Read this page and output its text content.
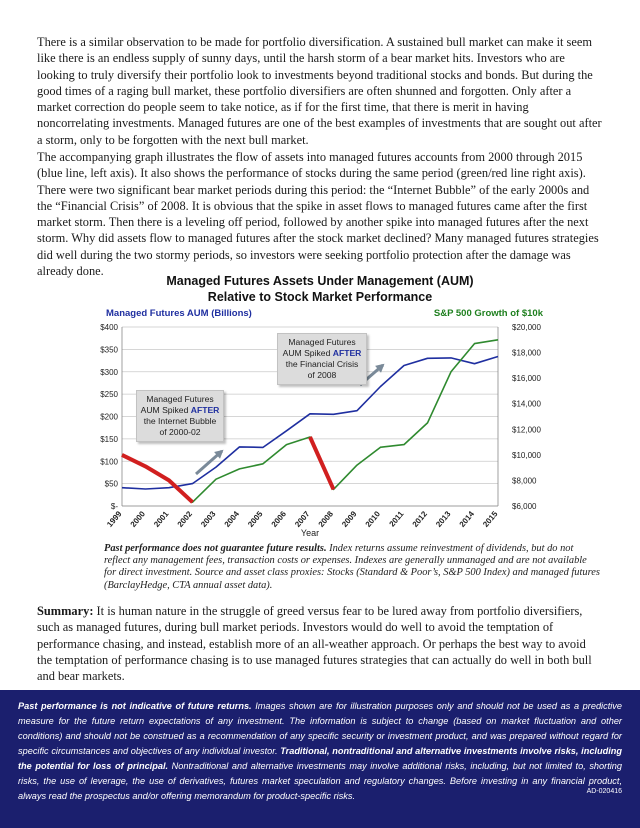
There is a similar observation to be made for portfolio diversification. A sustained bull market can make it seem like there is an endless supply of sunny days, until the harsh storm of a bear market hits. Investors who are looking to truly diversify their portfolio look to investments beyond traditional stocks and bonds. But during the good times of a raging bull market, these portfolio diversifiers are often shunned and forgotten. Only after a market correction do people seem to take notice, as if for the first time, that there is merit in having noncorrelating investments. Managed futures are one of the best examples of investments that are sought out after a storm, only to be forgotten with the next bull market.

The accompanying graph illustrates the flow of assets into managed futures accounts from 2000 through 2015 (blue line, left axis). It also shows the performance of stocks during the same period (green/red line right axis). There were two significant bear market periods during this period: the “Internet Bubble” of the early 2000s and the “Financial Crisis” of 2008. It is obvious that the spike in asset flows to managed futures came after the first market storm. Then there is a leveling off period, followed by another spike into managed futures after the next storm. Why did assets flow to managed futures after the stock market declined? Many managed futures strategies did well during the two stormy periods, so investors were seeking portfolio protection after the damage was already done.

Managed Futures Assets Under Management (AUM)
Relative to Stock Market Performance
Managed Futures AUM (Billions)	S&P 500 Growth of $10k
$-
$50
$100
$150
$200
$250
$300
$350
$400
$6,000
$8,000
$10,000
$12,000
$14,000
$16,000
$18,000
$20,000
1999 2000 2001 2002 2003 2004 2005 2006 2007 2008 2009 2010 2011 2012 2013 2014 2015
Year
Managed Futures
AUM Spiked AFTER
the Internet Bubble
of 2000-02
Managed Futures
AUM Spiked AFTER
the Financial Crisis
of 2008

Past performance does not guarantee future results. Index returns assume reinvestment of dividends, but do not reflect any management fees, transaction costs or expenses. Indexes are generally unmanaged and are not available for direct investment. Source and asset class proxies: Stocks (Standard & Poor’s, S&P 500 Index) and managed futures (BarclayHedge, CTA annual asset data).

Summary: It is human nature in the struggle of greed versus fear to be lured away from portfolio diversifiers, such as managed futures, during bull market periods. Investors would do well to avoid the temptation of performance chasing, and instead, establish more of an all-weather approach. Or perhaps the best way to avoid the temptation of performance chasing is to use managed futures strategies that can actually do well in both bull and bear markets.

Past performance is not indicative of future returns. Images shown are for illustration purposes only and should not be used as a predictive measure for the future return expectations of any investment. The information is subject to change (based on market fluctuation and other conditions) and should not be construed as a recommendation of any specific security or investment product, and was prepared without regard for specific circumstances and objectives of any individual investor. Traditional, nontraditional and alternative investments involve risks, including the potential for loss of principal. Nontraditional and alternative investments may involve additional risks, including, but not limited to, shorting risks, the use of leverage, the use of derivatives, futures market speculation and regulatory changes. Before investing in any financial product, always read the prospectus and/or offering memorandum for product-specific risks.	AD-020416
